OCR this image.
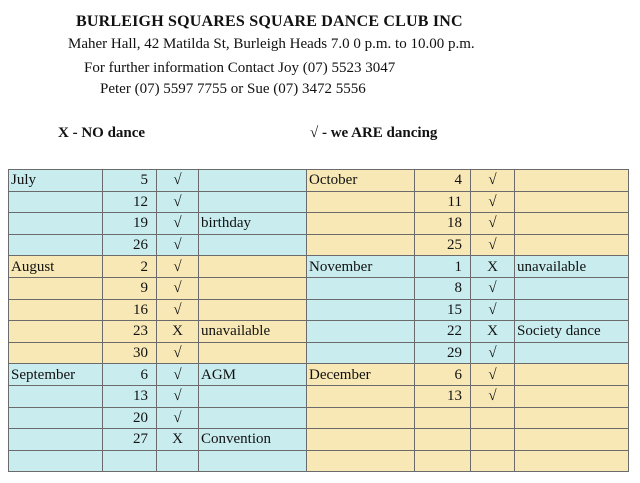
BURLEIGH SQUARES SQUARE DANCE CLUB INC
Maher Hall, 42 Matilda St, Burleigh Heads 7.0 0 p.m. to 10.00 p.m.
For further information Contact Joy (07) 5523 3047
Peter (07) 5597 7755 or Sue (07) 3472 5556
X - NO dance	√ - we ARE dancing
July	5	√		October	4	√	
	12	√			11	√	
	19	√	birthday		18	√	
	26	√			25	√	
August	2	√		November	1	X	unavailable
	9	√			8	√	
	16	√			15	√	
	23	X	unavailable		22	X	Society dance
	30	√			29	√	
September	6	√	AGM	December	6	√	
	13	√			13	√	
	20	√					
	27	X	Convention				
